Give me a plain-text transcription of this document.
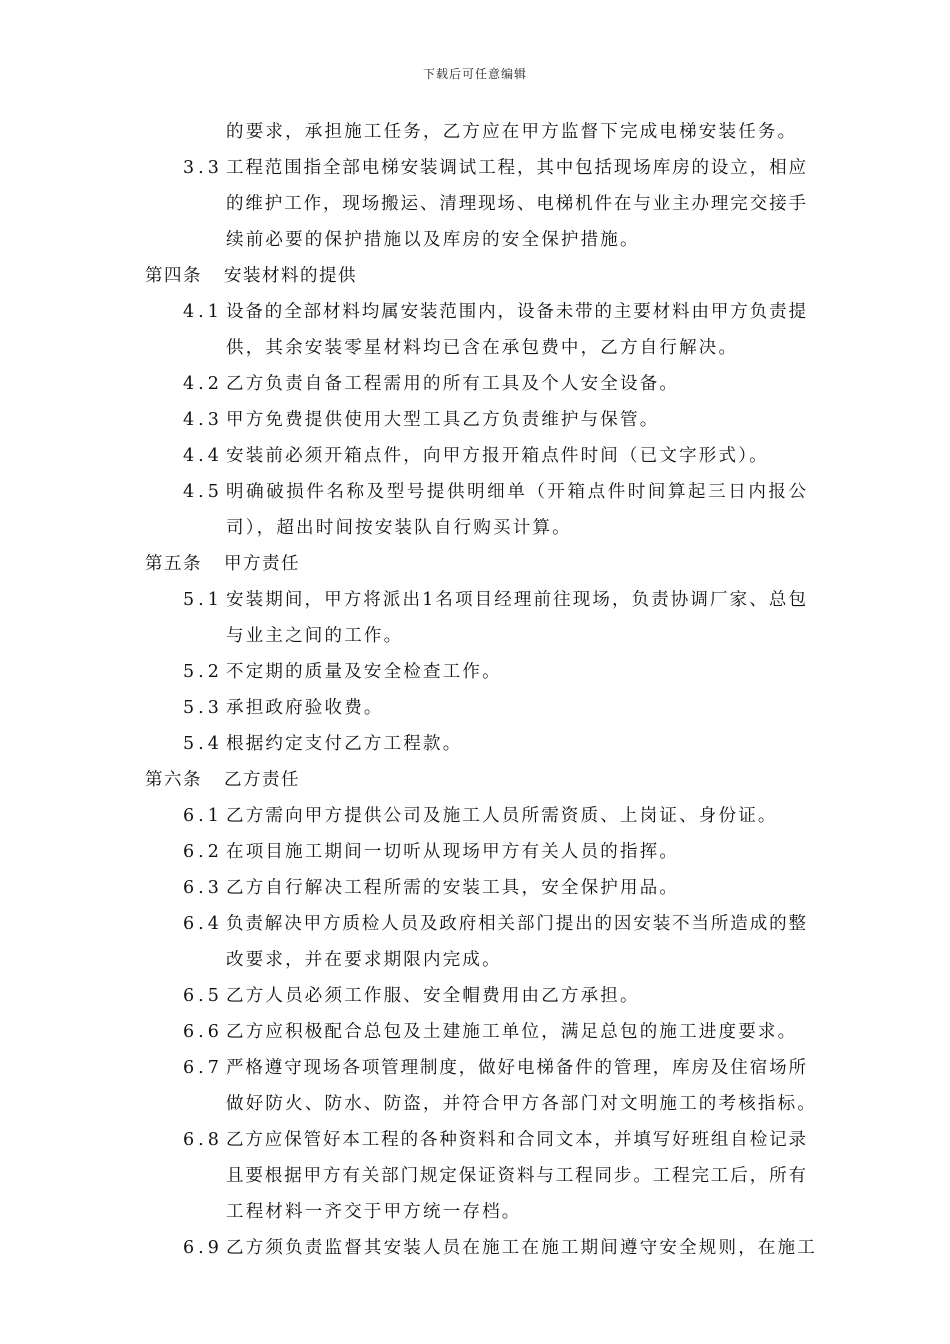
下载后可任意编辑
的要求，承担施工任务，乙方应在甲方监督下完成电梯安装任务。
3.3 工程范围指全部电梯安装调试工程，其中包括现场库房的设立，相应
的维护工作，现场搬运、清理现场、电梯机件在与业主办理完交接手
续前必要的保护措施以及库房的安全保护措施。
第四条 安装材料的提供
4.1 设备的全部材料均属安装范围内，设备未带的主要材料由甲方负责提
供，其余安装零星材料均已含在承包费中，乙方自行解决。
4.2 乙方负责自备工程需用的所有工具及个人安全设备。
4.3 甲方免费提供使用大型工具乙方负责维护与保管。
4.4 安装前必须开箱点件，向甲方报开箱点件时间（已文字形式）。
4.5 明确破损件名称及型号提供明细单（开箱点件时间算起三日内报公
司），超出时间按安装队自行购买计算。
第五条 甲方责任
5.1 安装期间，甲方将派出1名项目经理前往现场，负责协调厂家、总包
与业主之间的工作。
5.2 不定期的质量及安全检查工作。
5.3 承担政府验收费。
5.4 根据约定支付乙方工程款。
第六条 乙方责任
6.1 乙方需向甲方提供公司及施工人员所需资质、上岗证、身份证。
6.2 在项目施工期间一切听从现场甲方有关人员的指挥。
6.3 乙方自行解决工程所需的安装工具，安全保护用品。
6.4 负责解决甲方质检人员及政府相关部门提出的因安装不当所造成的整
改要求，并在要求期限内完成。
6.5 乙方人员必须工作服、安全帽费用由乙方承担。
6.6 乙方应积极配合总包及土建施工单位，满足总包的施工进度要求。
6.7 严格遵守现场各项管理制度，做好电梯备件的管理，库房及住宿场所
做好防火、防水、防盗，并符合甲方各部门对文明施工的考核指标。
6.8 乙方应保管好本工程的各种资料和合同文本，并填写好班组自检记录
且要根据甲方有关部门规定保证资料与工程同步。工程完工后，所有
工程材料一齐交于甲方统一存档。
6.9 乙方须负责监督其安装人员在施工在施工期间遵守安全规则，在施工
